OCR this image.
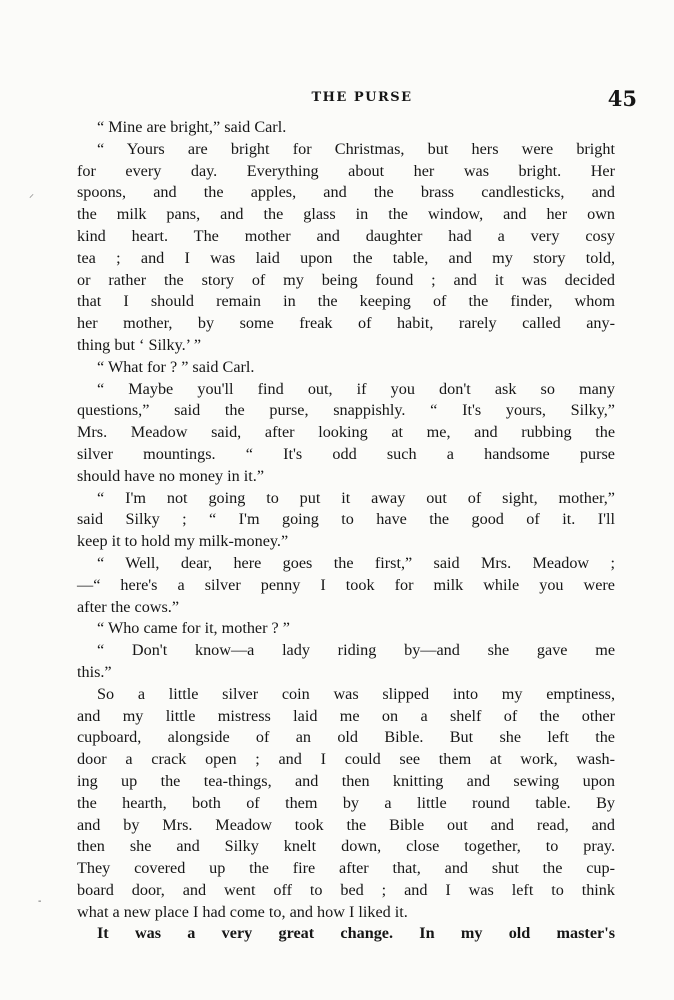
THE PURSE	45
⸝
-
“ Mine are bright,” said Carl.
“ Yours are bright for Christmas, but hers were bright
for every day. Everything about her was bright. Her
spoons, and the apples, and the brass candlesticks, and
the milk pans, and the glass in the window, and her own
kind heart. The mother and daughter had a very cosy
tea ; and I was laid upon the table, and my story told,
or rather the story of my being found ; and it was decided
that I should remain in the keeping of the finder, whom
her mother, by some freak of habit, rarely called any-
thing but ‘ Silky.’ ”
“ What for ? ” said Carl.
“ Maybe you'll find out, if you don't ask so many
questions,” said the purse, snappishly. “ It's yours, Silky,”
Mrs. Meadow said, after looking at me, and rubbing the
silver mountings. “ It's odd such a handsome purse
should have no money in it.”
“ I'm not going to put it away out of sight, mother,”
said Silky ; “ I'm going to have the good of it. I'll
keep it to hold my milk-money.”
“ Well, dear, here goes the first,” said Mrs. Meadow ;
—“ here's a silver penny I took for milk while you were
after the cows.”
“ Who came for it, mother ? ”
“ Don't know—a lady riding by—and she gave me
this.”
So a little silver coin was slipped into my emptiness,
and my little mistress laid me on a shelf of the other
cupboard, alongside of an old Bible. But she left the
door a crack open ; and I could see them at work, wash-
ing up the tea-things, and then knitting and sewing upon
the hearth, both of them by a little round table. By
and by Mrs. Meadow took the Bible out and read, and
then she and Silky knelt down, close together, to pray.
They covered up the fire after that, and shut the cup-
board door, and went off to bed ; and I was left to think
what a new place I had come to, and how I liked it.
It was a very great change. In my old master's
